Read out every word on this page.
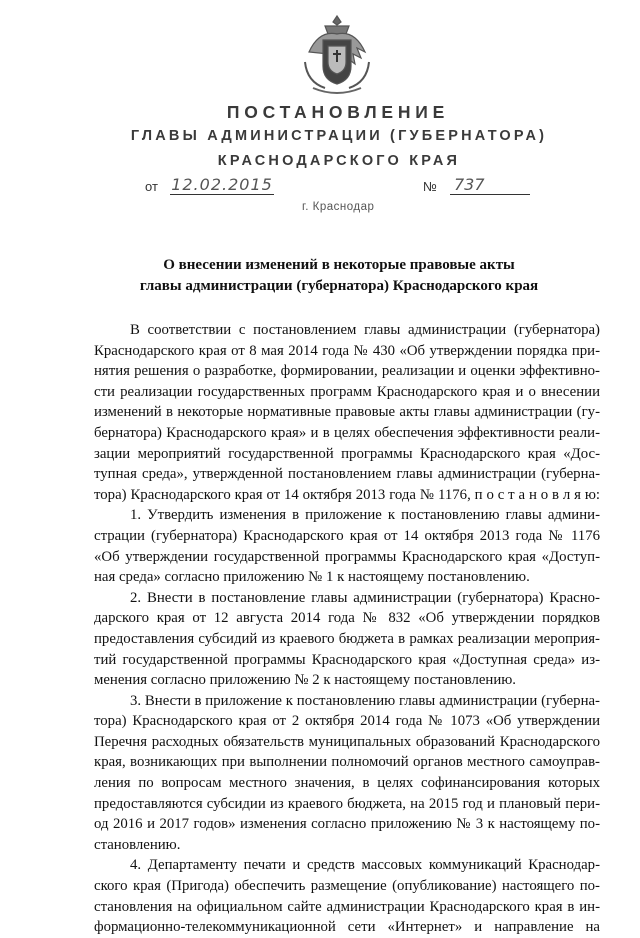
ПОСТАНОВЛЕНИЕ
ГЛАВЫ АДМИНИСТРАЦИИ (ГУБЕРНАТОРА)
КРАСНОДАРСКОГО КРАЯ
от 12.02.2015	№ 737
г. Краснодар
О внесении изменений в некоторые правовые акты
главы администрации (губернатора) Краснодарского края
В соответствии с постановлением главы администрации (губернатора)
Краснодарского края от 8 мая 2014 года № 430 «Об утверждении порядка при-
нятия решения о разработке, формировании, реализации и оценки эффективно-
сти реализации государственных программ Краснодарского края и о внесении
изменений в некоторые нормативные правовые акты главы администрации (гу-
бернатора) Краснодарского края» и в целях обеспечения эффективности реали-
зации мероприятий государственной программы Краснодарского края «Дос-
тупная среда», утвержденной постановлением главы администрации (губерна-
тора) Краснодарского края от 14 октября 2013 года № 1176, п о с т а н о в л я ю:
1. Утвердить изменения в приложение к постановлению главы админи-
страции (губернатора) Краснодарского края от 14 октября 2013 года № 1176
«Об утверждении государственной программы Краснодарского края «Доступ-
ная среда» согласно приложению № 1 к настоящему постановлению.
2. Внести в постановление главы администрации (губернатора) Красно-
дарского края от 12 августа 2014 года № 832 «Об утверждении порядков
предоставления субсидий из краевого бюджета в рамках реализации мероприя-
тий государственной программы Краснодарского края «Доступная среда» из-
менения согласно приложению № 2 к настоящему постановлению.
3. Внести в приложение к постановлению главы администрации (губерна-
тора) Краснодарского края от 2 октября 2014 года № 1073 «Об утверждении
Перечня расходных обязательств муниципальных образований Краснодарского
края, возникающих при выполнении полномочий органов местного самоуправ-
ления по вопросам местного значения, в целях софинансирования которых
предоставляются субсидии из краевого бюджета, на 2015 год и плановый пери-
од 2016 и 2017 годов» изменения согласно приложению № 3 к настоящему по-
становлению.
4. Департаменту печати и средств массовых коммуникаций Краснодар-
ского края (Пригода) обеспечить размещение (опубликование) настоящего по-
становления на официальном сайте администрации Краснодарского края в ин-
формационно-телекоммуникационной сети «Интернет» и направление на
